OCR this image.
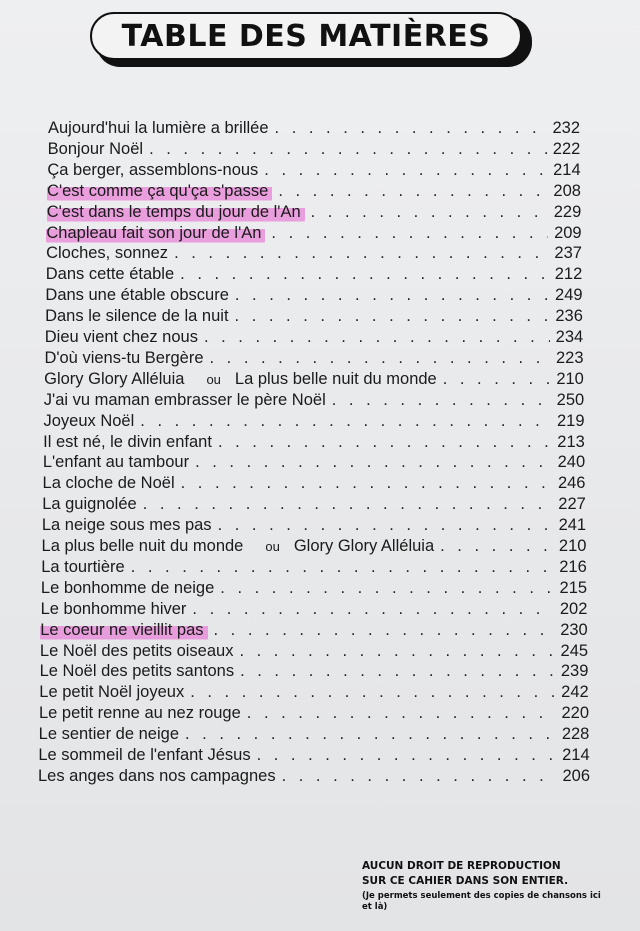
TABLE DES MATIÈRES
Aujourd'hui la lumière a brillée . . .	232
Bonjour Noël . . .	222
Ça berger, assemblons-nous . . .	214
C'est comme ça qu'ça s'passe . . .	208
C'est dans le temps du jour de l'An . . .	229
Chapleau fait son jour de l'An . . .	209
Cloches, sonnez . . .	237
Dans cette étable . . .	212
Dans une étable obscure . . .	249
Dans le silence de la nuit . . .	236
Dieu vient chez nous . . .	234
D'où viens-tu Bergère . . .	223
Glory Glory Alléluia ou La plus belle nuit du monde . . .	210
J'ai vu maman embrasser le père Noël . . .	250
Joyeux Noël . . .	219
Il est né, le divin enfant . . .	213
L'enfant au tambour . . .	240
La cloche de Noël . . .	246
La guignolée . . .	227
La neige sous mes pas . . .	241
La plus belle nuit du monde ou Glory Glory Alléluia . . .	210
La tourtière . . .	216
Le bonhomme de neige . . .	215
Le bonhomme hiver . . .	202
Le coeur ne vieillit pas . . .	230
Le Noël des petits oiseaux . . .	245
Le Noël des petits santons . . .	239
Le petit Noël joyeux . . .	242
Le petit renne au nez rouge . . .	220
Le sentier de neige . . .	228
Le sommeil de l'enfant Jésus . . .	214
Les anges dans nos campagnes . . .	206
AUCUN DROIT DE REPRODUCTION
SUR CE CAHIER DANS SON ENTIER.
(Je permets seulement des copies de chansons ici et là)
